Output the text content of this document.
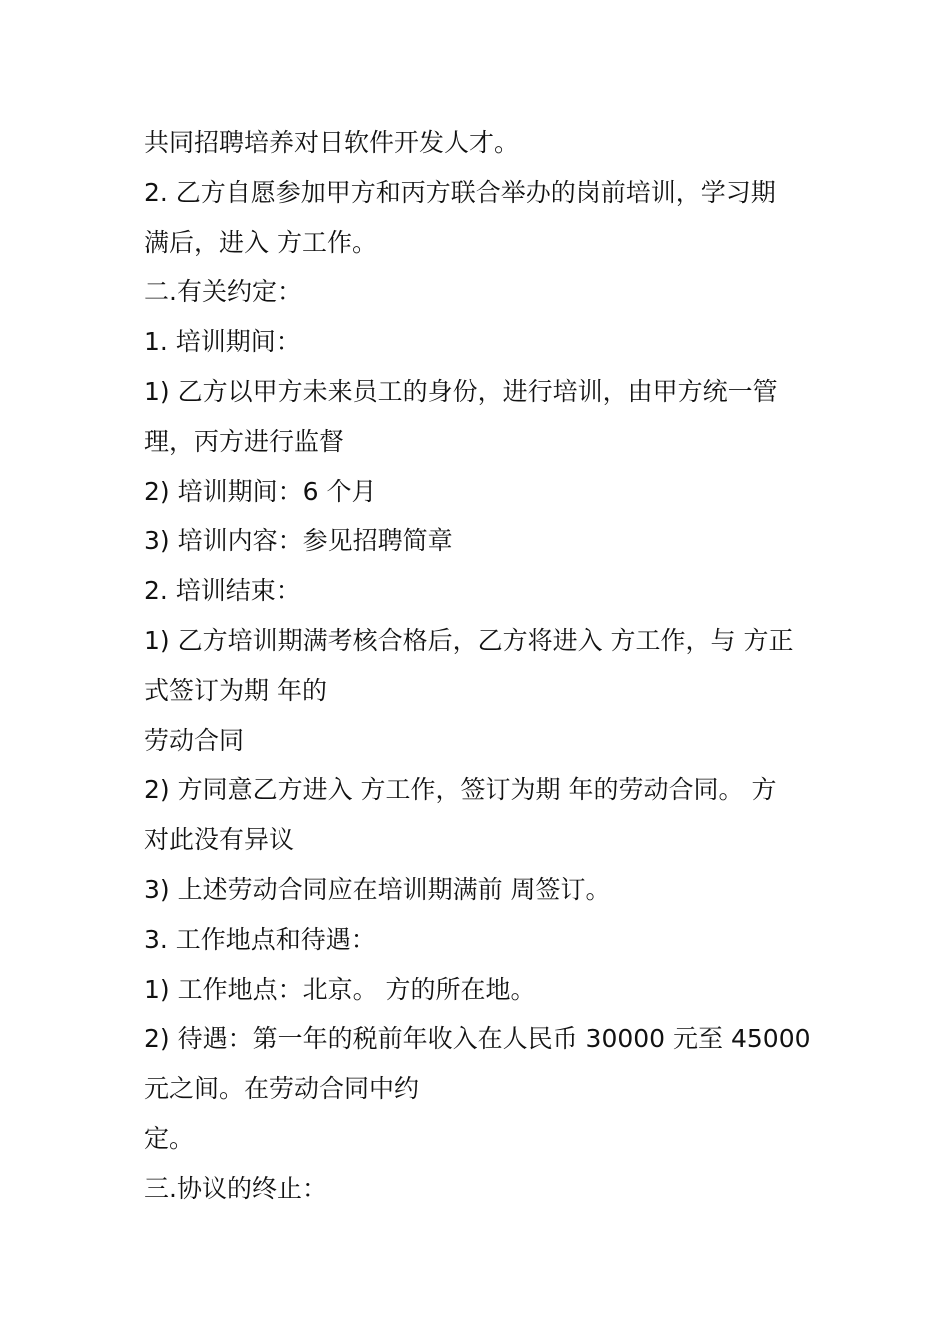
共同招聘培养对日软件开发人才。
2. 乙方自愿参加甲方和丙方联合举办的岗前培训，学习期
满后，进入 方工作。
二.有关约定：
1. 培训期间：
1) 乙方以甲方未来员工的身份，进行培训，由甲方统一管
理，丙方进行监督
2) 培训期间：6 个月
3) 培训内容：参见招聘简章
2. 培训结束：
1) 乙方培训期满考核合格后，乙方将进入 方工作，与 方正
式签订为期 年的
劳动合同
2) 方同意乙方进入 方工作，签订为期 年的劳动合同。 方
对此没有异议
3) 上述劳动合同应在培训期满前 周签订。
3. 工作地点和待遇：
1) 工作地点：北京。 方的所在地。
2) 待遇：第一年的税前年收入在人民币 30000 元至 45000
元之间。在劳动合同中约
定。
三.协议的终止：
